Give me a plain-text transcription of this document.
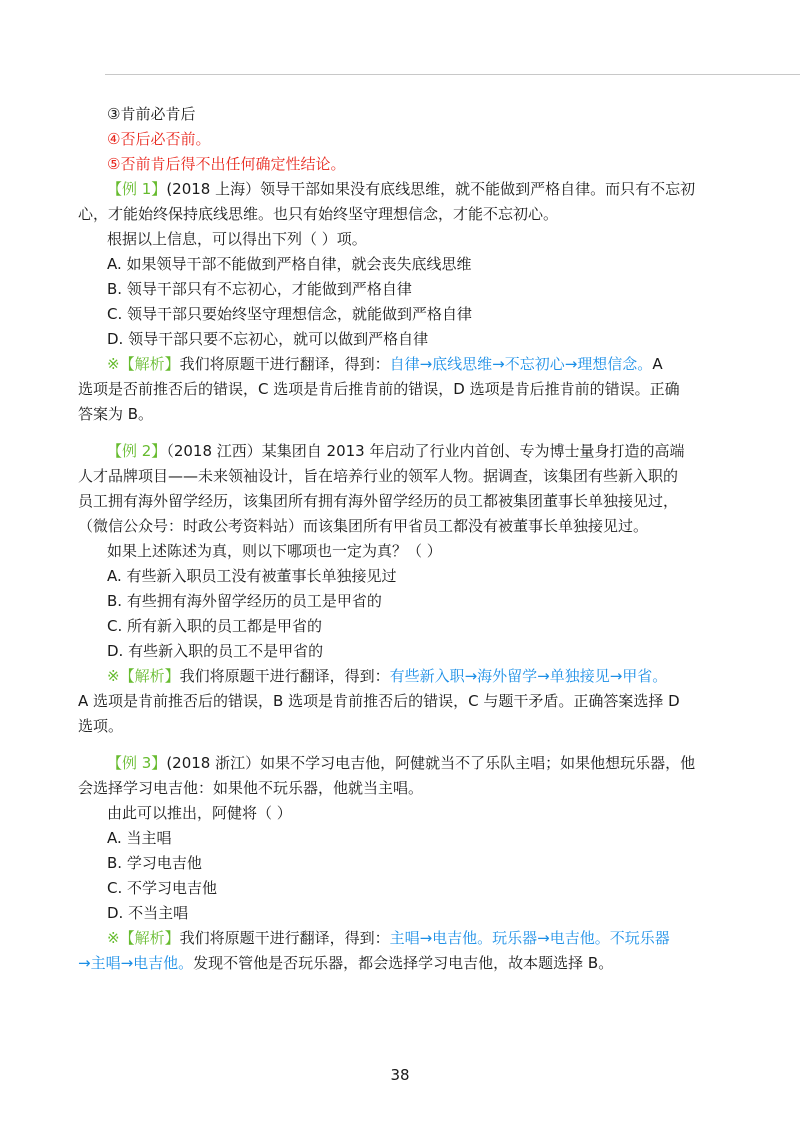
③肯前必肯后
④否后必否前。
⑤否前肯后得不出任何确定性结论。
【例 1】(2018 上海）领导干部如果没有底线思维，就不能做到严格自律。而只有不忘初
心，才能始终保持底线思维。也只有始终坚守理想信念，才能不忘初心。
根据以上信息，可以得出下列（ ）项。
A. 如果领导干部不能做到严格自律，就会丧失底线思维
B. 领导干部只有不忘初心，才能做到严格自律
C. 领导干部只要始终坚守理想信念，就能做到严格自律
D. 领导干部只要不忘初心，就可以做到严格自律
※【解析】我们将原题干进行翻译，得到：自律→底线思维→不忘初心→理想信念。A
选项是否前推否后的错误，C 选项是肯后推肯前的错误，D 选项是肯后推肯前的错误。正确
答案为 B。
【例 2】（2018 江西）某集团自 2013 年启动了行业内首创、专为博士量身打造的高端
人才品牌项目——未来领袖设计，旨在培养行业的领军人物。据调查，该集团有些新入职的
员工拥有海外留学经历，该集团所有拥有海外留学经历的员工都被集团董事长单独接见过，
（微信公众号：时政公考资料站）而该集团所有甲省员工都没有被董事长单独接见过。
如果上述陈述为真，则以下哪项也一定为真？（ ）
A. 有些新入职员工没有被董事长单独接见过
B. 有些拥有海外留学经历的员工是甲省的
C. 所有新入职的员工都是甲省的
D. 有些新入职的员工不是甲省的
※【解析】我们将原题干进行翻译，得到：有些新入职→海外留学→单独接见→甲省。
A 选项是肯前推否后的错误，B 选项是肯前推否后的错误，C 与题干矛盾。正确答案选择 D
选项。
【例 3】(2018 浙江）如果不学习电吉他，阿健就当不了乐队主唱；如果他想玩乐器，他
会选择学习电吉他：如果他不玩乐器，他就当主唱。
由此可以推出，阿健将（ ）
A. 当主唱
B. 学习电吉他
C. 不学习电吉他
D. 不当主唱
※【解析】我们将原题干进行翻译，得到：主唱→电吉他。玩乐器→电吉他。不玩乐器
→主唱→电吉他。发现不管他是否玩乐器，都会选择学习电吉他，故本题选择 B。
38
